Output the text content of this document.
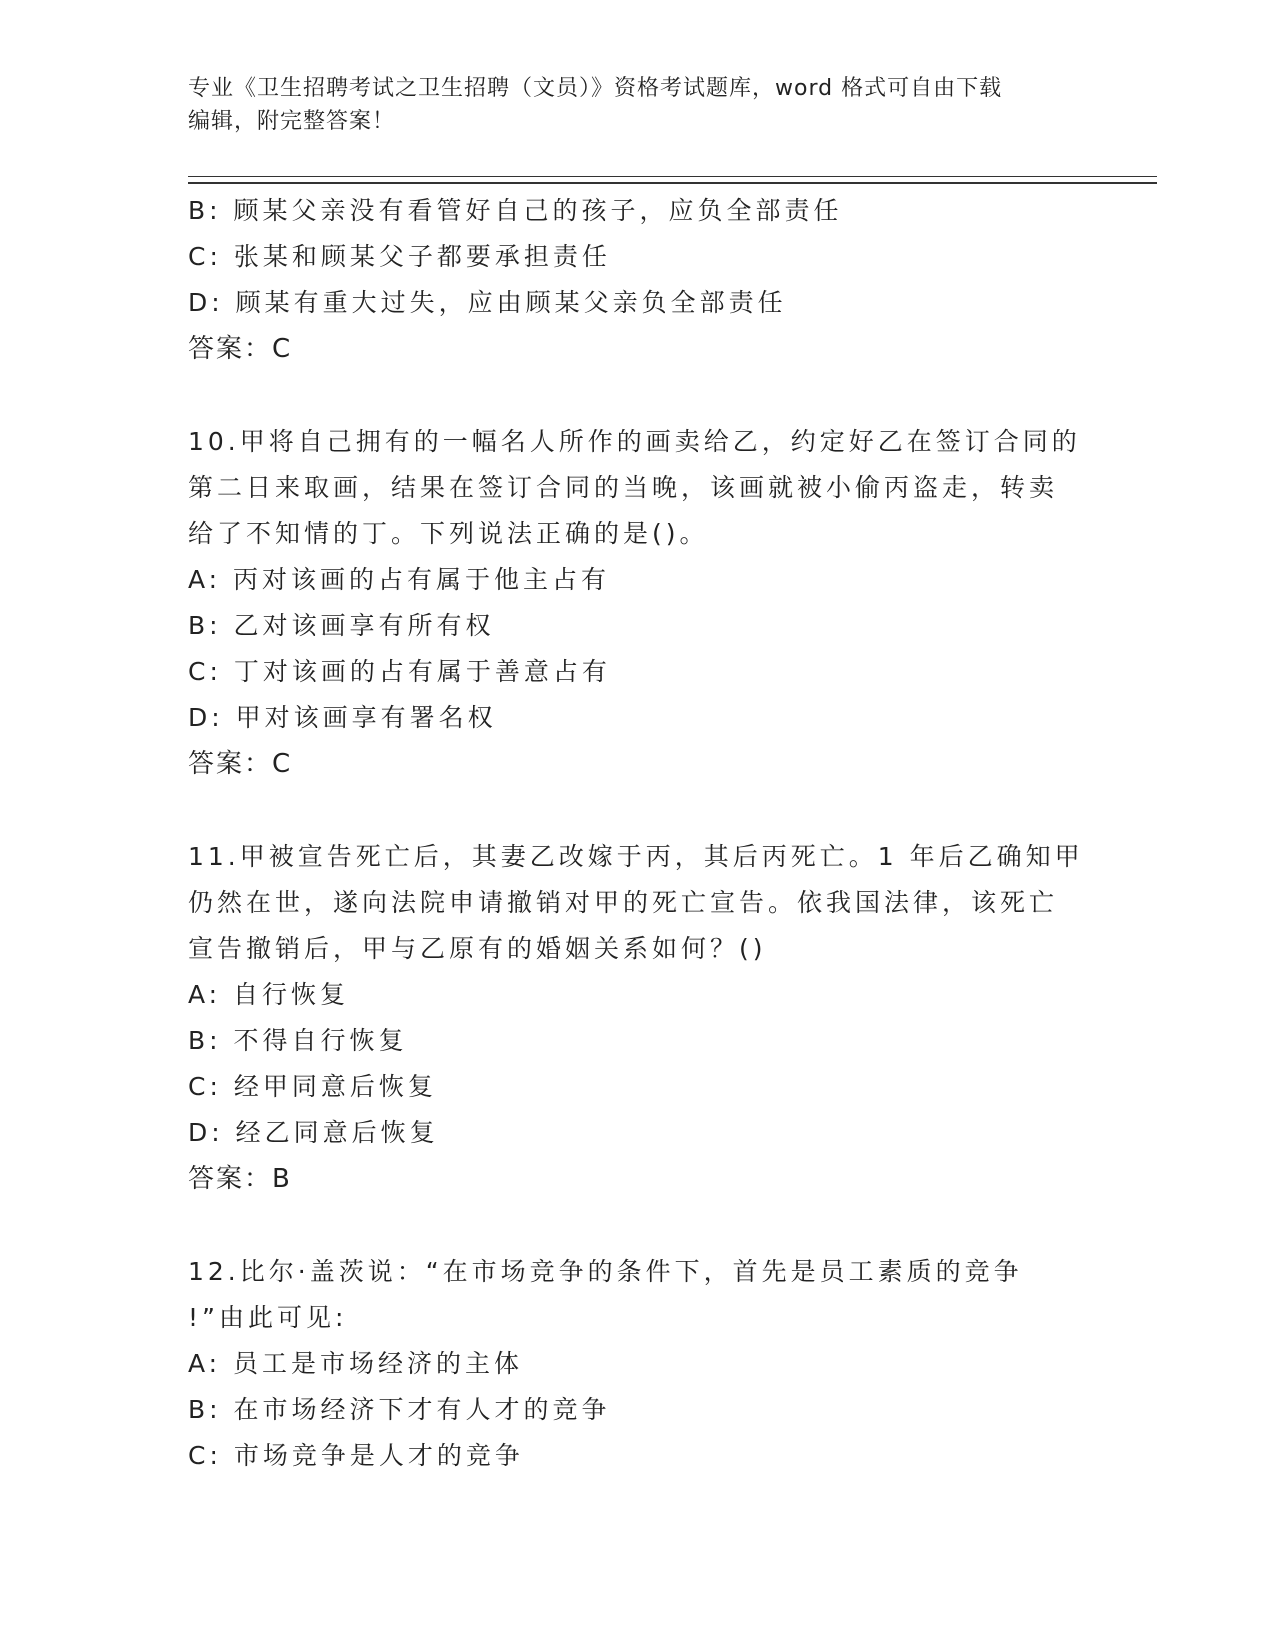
专业《卫生招聘考试之卫生招聘（文员）》资格考试题库，word 格式可自由下载
编辑，附完整答案！
B: 顾某父亲没有看管好自己的孩子，应负全部责任
C: 张某和顾某父子都要承担责任
D: 顾某有重大过失，应由顾某父亲负全部责任
答案：C
10.甲将自己拥有的一幅名人所作的画卖给乙，约定好乙在签订合同的
第二日来取画，结果在签订合同的当晚，该画就被小偷丙盗走，转卖
给了不知情的丁。下列说法正确的是()。
A: 丙对该画的占有属于他主占有
B: 乙对该画享有所有权
C: 丁对该画的占有属于善意占有
D: 甲对该画享有署名权
答案：C
11.甲被宣告死亡后，其妻乙改嫁于丙，其后丙死亡。1 年后乙确知甲
仍然在世，遂向法院申请撤销对甲的死亡宣告。依我国法律，该死亡
宣告撤销后，甲与乙原有的婚姻关系如何？()
A: 自行恢复
B: 不得自行恢复
C: 经甲同意后恢复
D: 经乙同意后恢复
答案：B
12.比尔·盖茨说：“在市场竞争的条件下，首先是员工素质的竞争
!”由此可见:
A: 员工是市场经济的主体
B: 在市场经济下才有人才的竞争
C: 市场竞争是人才的竞争
